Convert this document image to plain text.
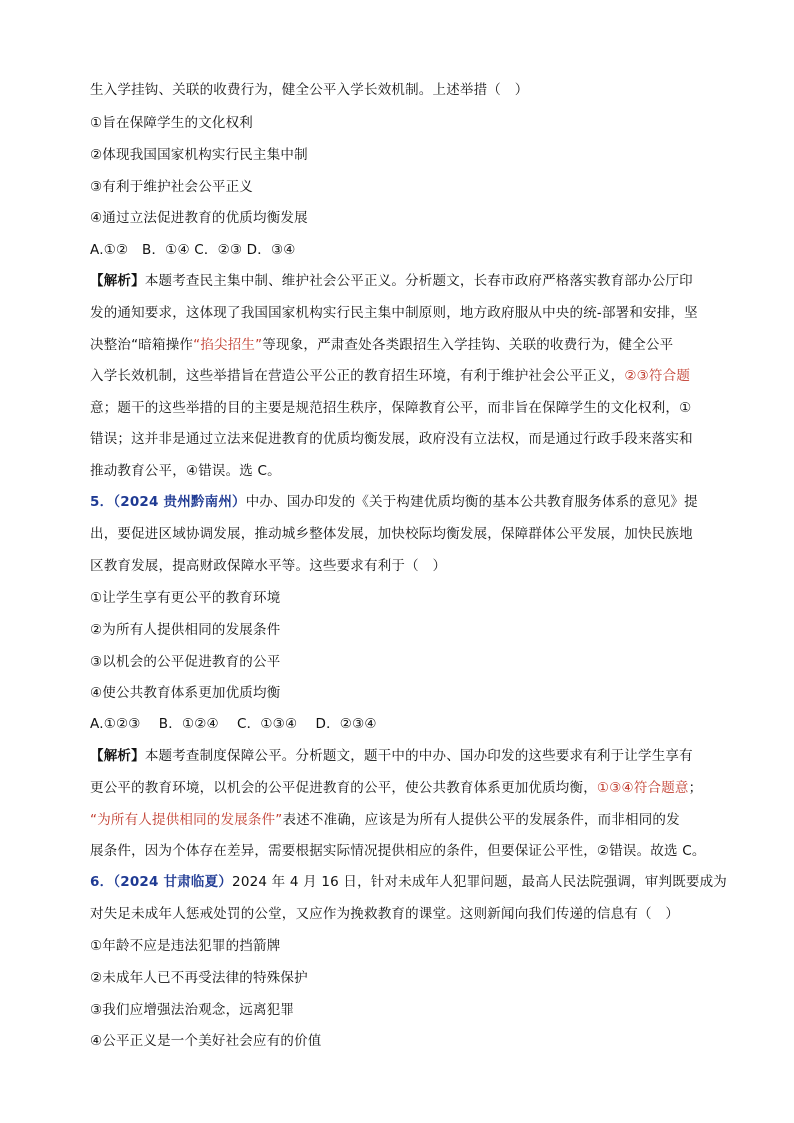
生入学挂钩、关联的收费行为，健全公平入学长效机制。上述举措（　）
①旨在保障学生的文化权利
②体现我国国家机构实行民主集中制
③有利于维护社会公平正义
④通过立法促进教育的优质均衡发展
A.①②　B．①④ C．②③ D．③④
【解析】本题考查民主集中制、维护社会公平正义。分析题文，长春市政府严格落实教育部办公厅印
发的通知要求，这体现了我国国家机构实行民主集中制原则，地方政府服从中央的统-部署和安排，坚
决整治“暗箱操作“掐尖招生”等现象，严肃查处各类跟招生入学挂钩、关联的收费行为，健全公平
入学长效机制，这些举措旨在营造公平公正的教育招生环境，有利于维护社会公平正义，②③符合题
意；题干的这些举措的目的主要是规范招生秩序，保障教育公平，而非旨在保障学生的文化权利，①
错误；这并非是通过立法来促进教育的优质均衡发展，政府没有立法权，而是通过行政手段来落实和
推动教育公平，④错误。选 C。
5．（2024 贵州黔南州）中办、国办印发的《关于构建优质均衡的基本公共教育服务体系的意见》提
出，要促进区域协调发展，推动城乡整体发展，加快校际均衡发展，保障群体公平发展，加快民族地
区教育发展，提高财政保障水平等。这些要求有利于（　）
①让学生享有更公平的教育环境
②为所有人提供相同的发展条件
③以机会的公平促进教育的公平
④使公共教育体系更加优质均衡
A.①②③　 B．①②④　 C．①③④　 D．②③④
【解析】本题考查制度保障公平。分析题文，题干中的中办、国办印发的这些要求有利于让学生享有
更公平的教育环境，以机会的公平促进教育的公平，使公共教育体系更加优质均衡，①③④符合题意；
“为所有人提供相同的发展条件”表述不准确，应该是为所有人提供公平的发展条件，而非相同的发
展条件，因为个体存在差异，需要根据实际情况提供相应的条件，但要保证公平性，②错误。故选 C。
6．（2024 甘肃临夏）2024 年 4 月 16 日，针对未成年人犯罪问题，最高人民法院强调，审判既要成为
对失足未成年人惩戒处罚的公堂，又应作为挽救教育的课堂。这则新闻向我们传递的信息有（　）
①年龄不应是违法犯罪的挡箭牌
②未成年人已不再受法律的特殊保护
③我们应增强法治观念，远离犯罪
④公平正义是一个美好社会应有的价值
